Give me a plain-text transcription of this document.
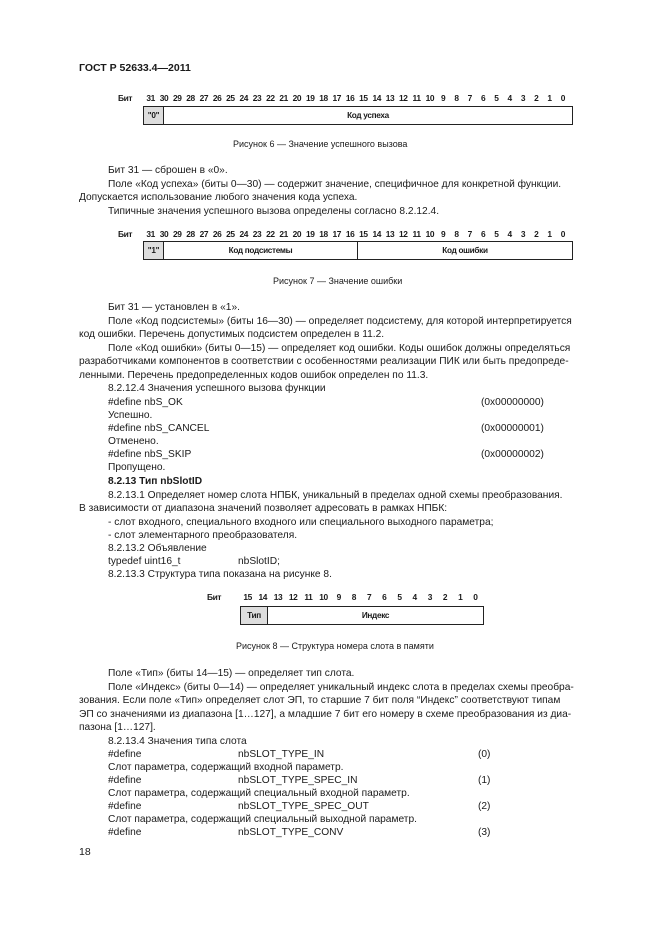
ГОСТ Р 52633.4—2011
Бит	31 30 29 28 27 26 25 24 23 22 21 20 19 18 17 16 15 14 13 12 11 10 9	8	7	6	5	4	3	2	1	0
"0"	Код успеха
Рисунок 6 — Значение успешного вызова
Бит 31 — сброшен в «0».
Поле «Код успеха» (биты 0—30) — содержит значение, специфичное для конкретной функции.
Допускается использование любого значения кода успеха.
Типичные значения успешного вызова определены согласно 8.2.12.4.
Бит	31 30 29 28 27 26 25 24 23 22 21 20 19 18 17 16 15 14 13 12 11 10 9	8	7	6	5	4	3	2	1	0
"1"	Код подсистемы	Код ошибки
Рисунок 7 — Значение ошибки
Бит 31 — установлен в «1».
Поле «Код подсистемы» (биты 16—30) — определяет подсистему, для которой интерпретируется
код ошибки. Перечень допустимых подсистем определен в 11.2.
Поле «Код ошибки» (биты 0—15) — определяет код ошибки. Коды ошибок должны определяться
разработчиками компонентов в соответствии с особенностями реализации ПИК или быть предопреде-
ленными. Перечень предопределенных кодов ошибок определен по 11.3.
8.2.12.4 Значения успешного вызова функции
#define nbS_OK	(0x00000000)
Успешно.
#define nbS_CANCEL	(0x00000001)
Отменено.
#define nbS_SKIP	(0x00000002)
Пропущено.
8.2.13 Тип nbSlotID
8.2.13.1 Определяет номер слота НПБК, уникальный в пределах одной схемы преобразования.
В зависимости от диапазона значений позволяет адресовать в рамках НПБК:
- слот входного, специального входного или специального выходного параметра;
- слот элементарного преобразователя.
8.2.13.2 Объявление
typedef uint16_t	nbSlotID;
8.2.13.3 Структура типа показана на рисунке 8.
Бит	15 14 13 12 11 10	9	8	7	6	5	4	3	2	1	0
Тип	Индекс
Рисунок 8 — Структура номера слота в памяти
Поле «Тип» (биты 14—15) — определяет тип слота.
Поле «Индекс» (биты 0—14) — определяет уникальный индекс слота в пределах схемы преобра-
зования. Если поле «Тип» определяет слот ЭП, то старшие 7 бит поля “Индекс” соответствуют типам
ЭП со значениями из диапазона [1…127], а младшие 7 бит его номеру в схеме преобразования из диа-
пазона [1…127].
8.2.13.4 Значения типа слота
#define	nbSLOT_TYPE_IN	(0)
Слот параметра, содержащий входной параметр.
#define	nbSLOT_TYPE_SPEC_IN	(1)
Слот параметра, содержащий специальный входной параметр.
#define	nbSLOT_TYPE_SPEC_OUT	(2)
Слот параметра, содержащий специальный выходной параметр.
#define	nbSLOT_TYPE_CONV	(3)
18
